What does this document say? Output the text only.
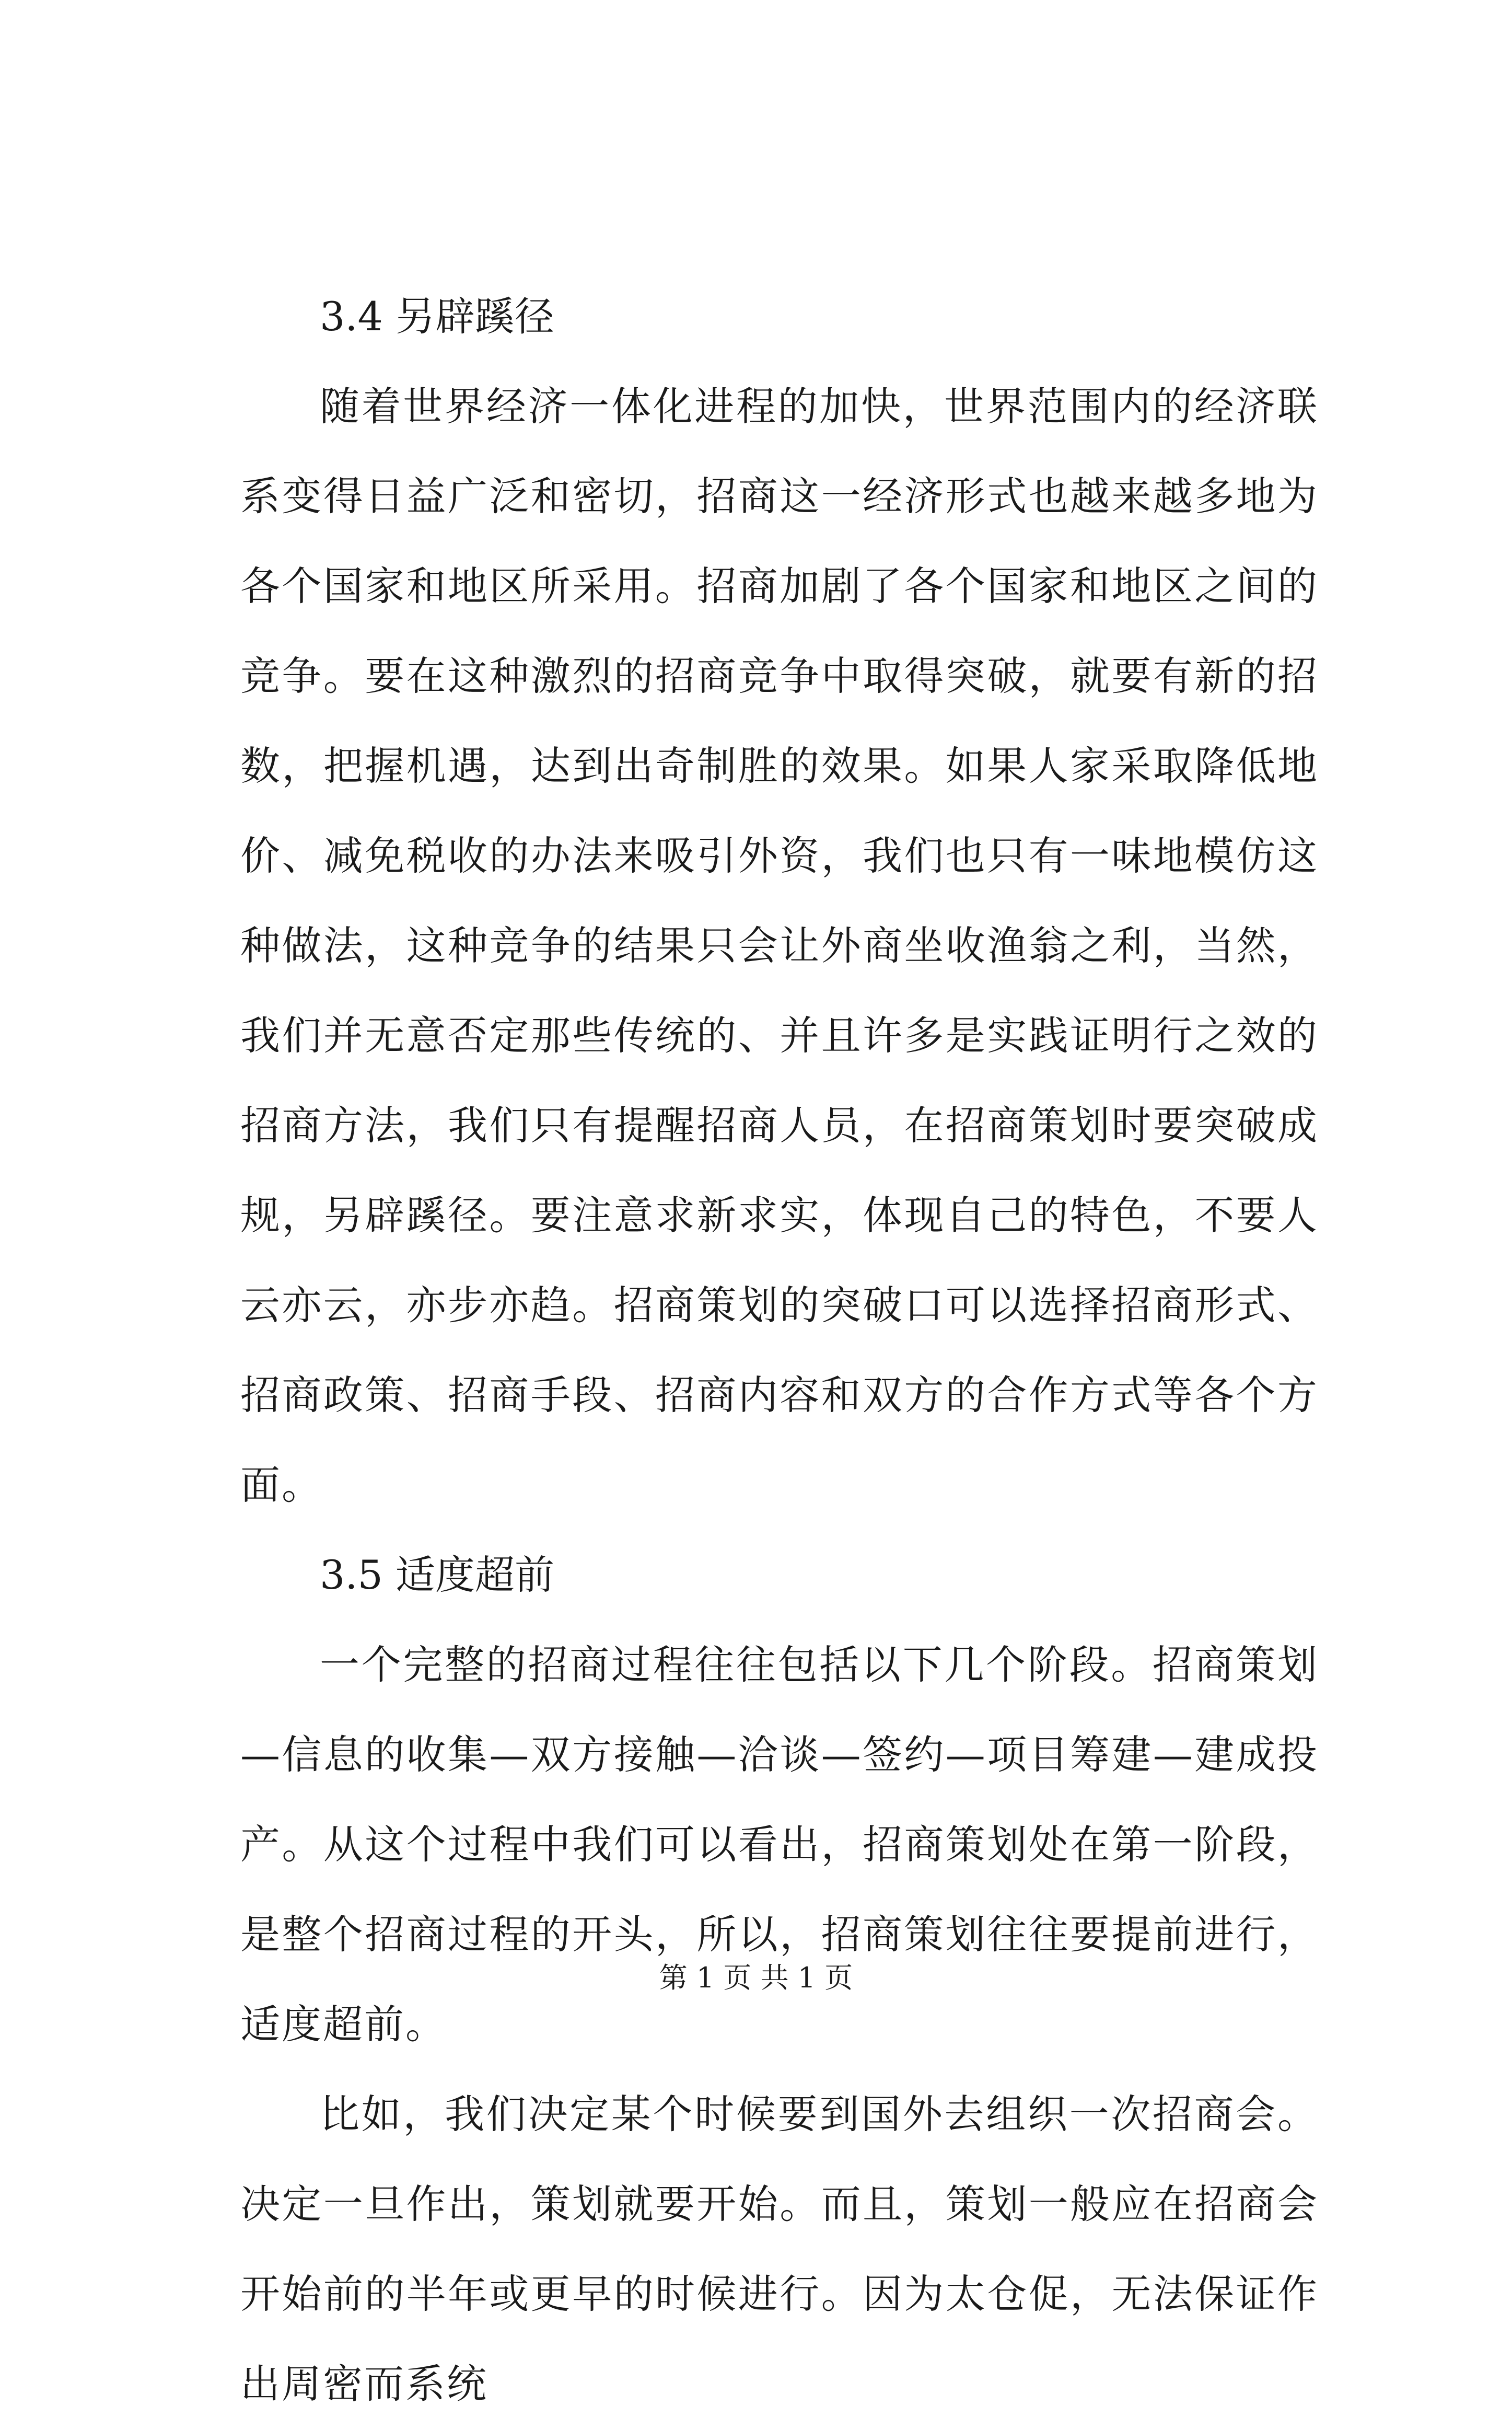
3.4 另辟蹊径

随着世界经济一体化进程的加快，世界范围内的经济联系变得日益广泛和密切，招商这一经济形式也越来越多地为各个国家和地区所采用。招商加剧了各个国家和地区之间的竞争。要在这种激烈的招商竞争中取得突破，就要有新的招数，把握机遇，达到出奇制胜的效果。如果人家采取降低地价、减免税收的办法来吸引外资，我们也只有一味地模仿这种做法，这种竞争的结果只会让外商坐收渔翁之利，当然，我们并无意否定那些传统的、并且许多是实践证明行之效的招商方法，我们只有提醒招商人员，在招商策划时要突破成规，另辟蹊径。要注意求新求实，体现自己的特色，不要人云亦云，亦步亦趋。招商策划的突破口可以选择招商形式、招商政策、招商手段、招商内容和双方的合作方式等各个方面。

3.5 适度超前

一个完整的招商过程往往包括以下几个阶段。招商策划—信息的收集—双方接触—洽谈—签约—项目筹建—建成投产。从这个过程中我们可以看出，招商策划处在第一阶段，是整个招商过程的开头，所以，招商策划往往要提前进行，适度超前。

比如，我们决定某个时候要到国外去组织一次招商会。决定一旦作出，策划就要开始。而且，策划一般应在招商会开始前的半年或更早的时候进行。因为太仓促，无法保证作出周密而系统

第 1 页 共 1 页
